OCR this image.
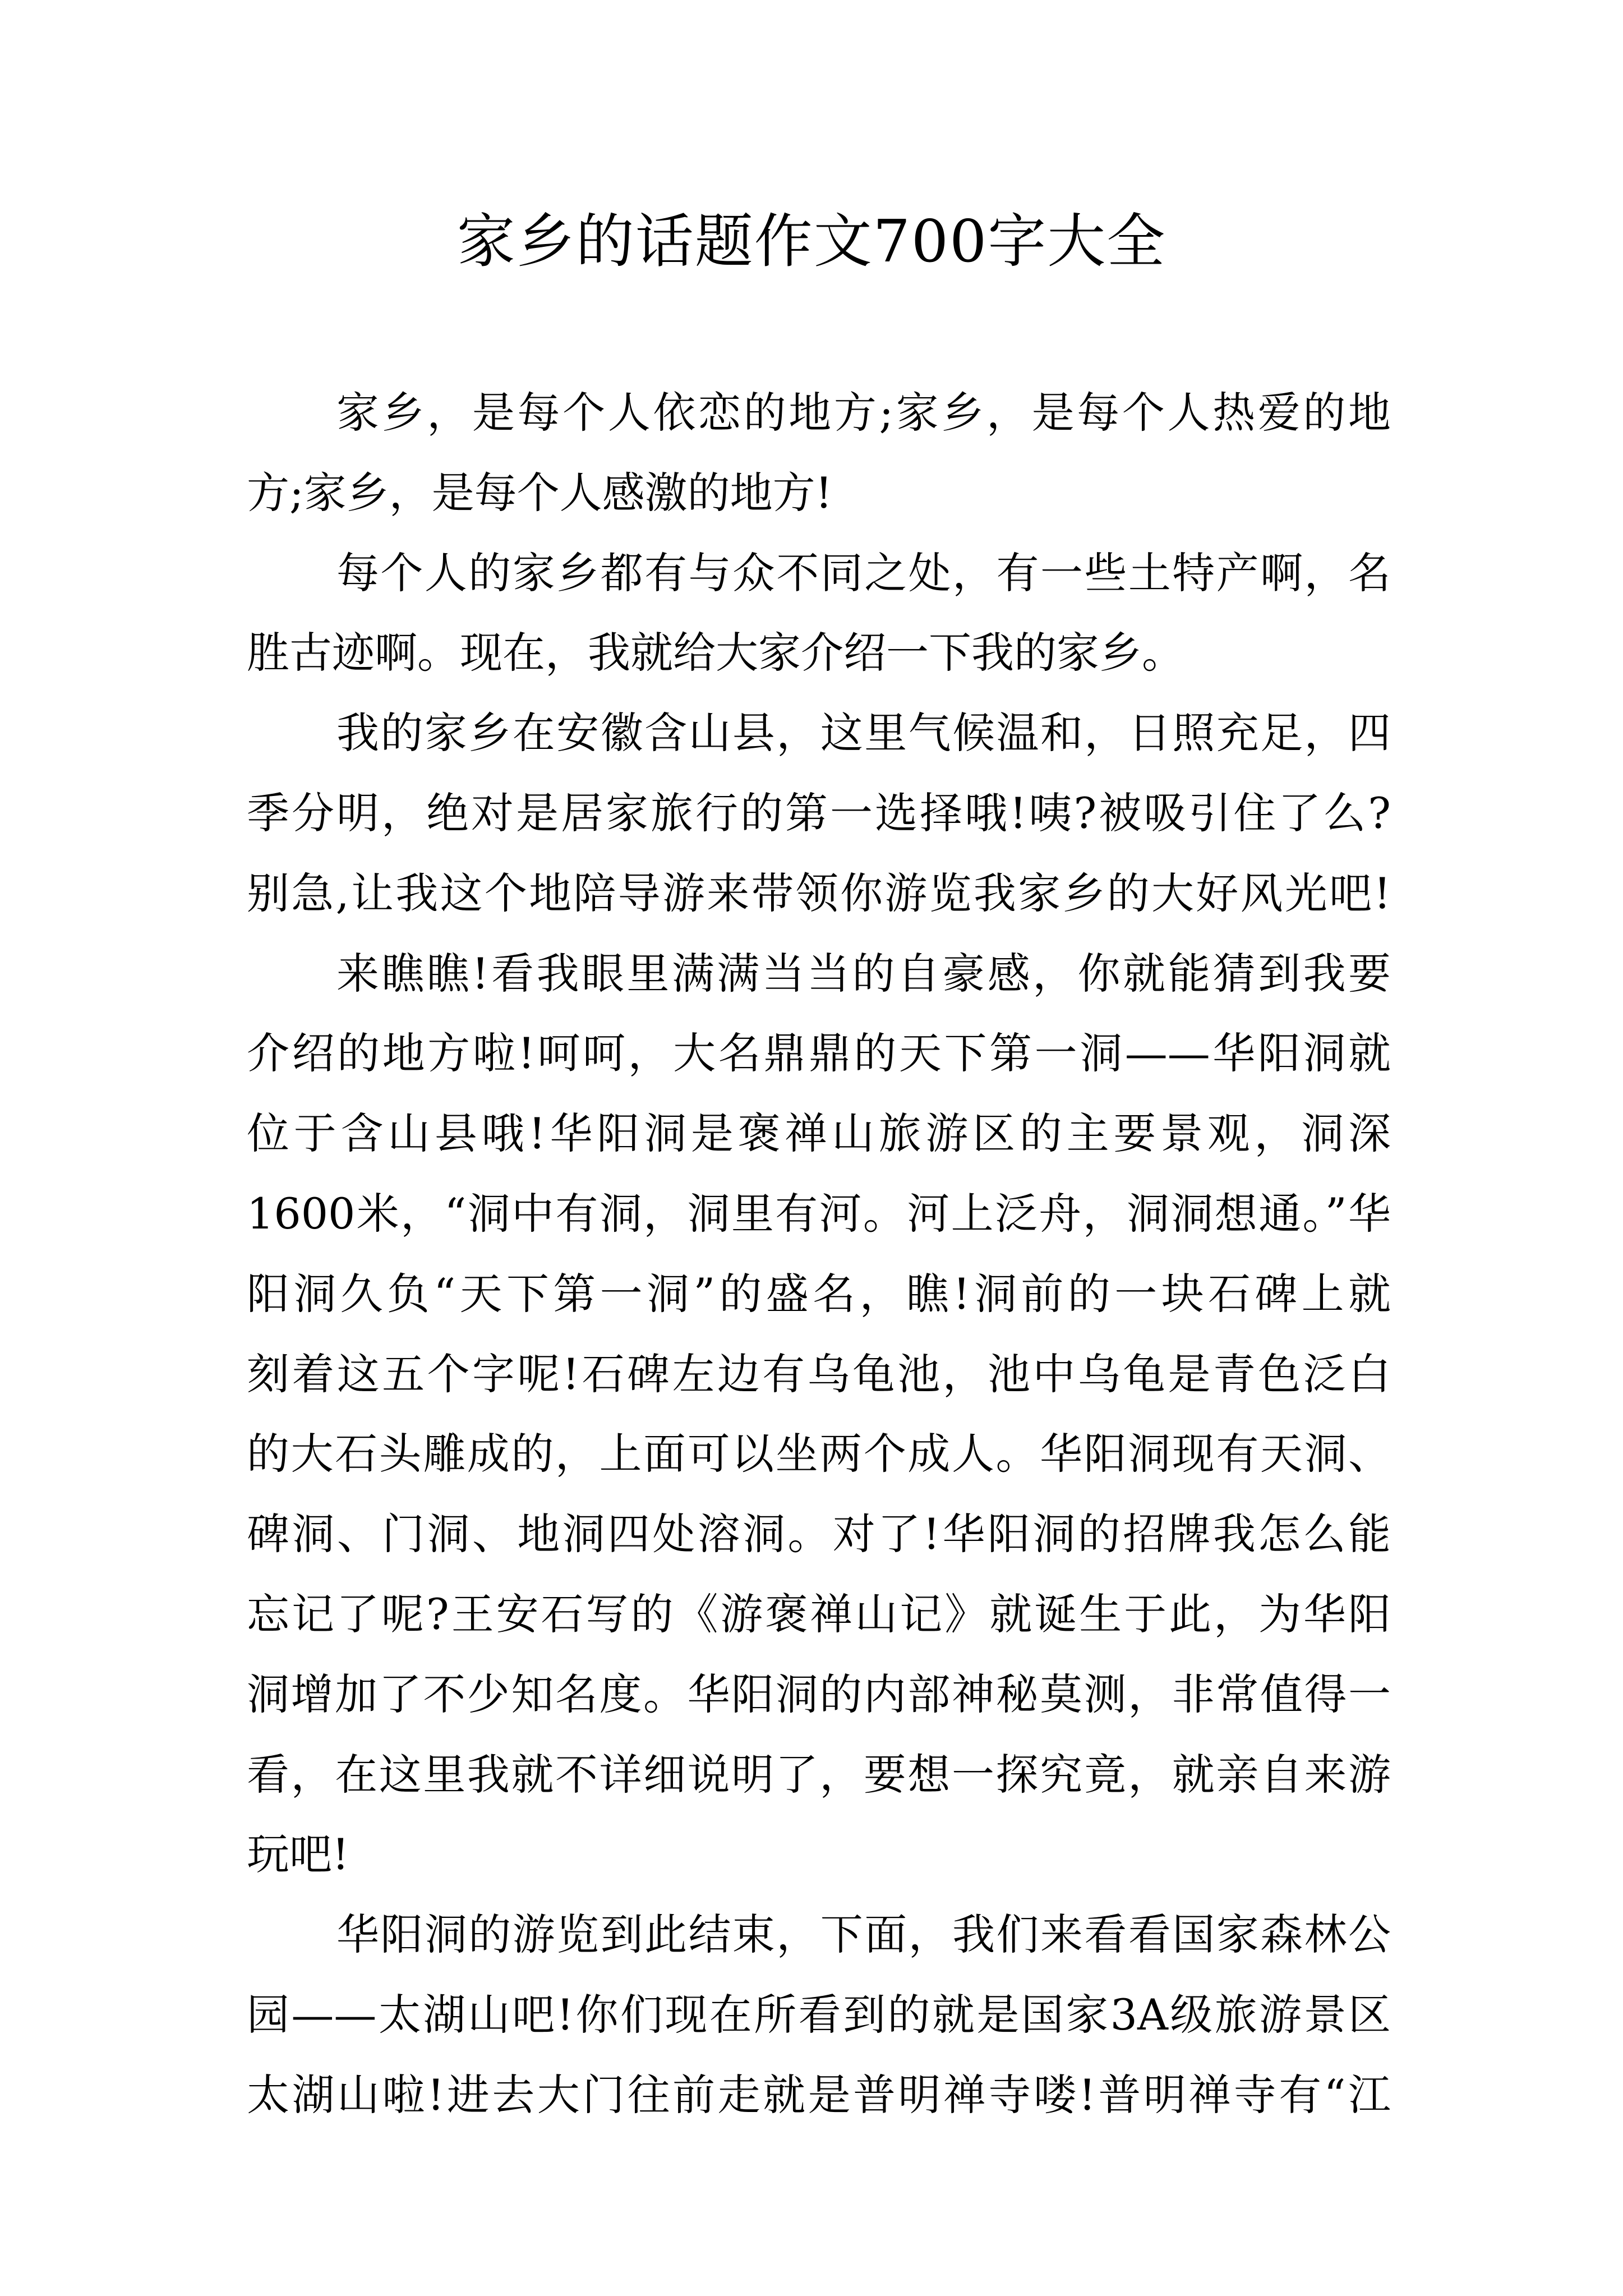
家乡的话题作文700字大全
家乡，是每个人依恋的地方;家乡，是每个人热爱的地
方;家乡，是每个人感激的地方!
每个人的家乡都有与众不同之处，有一些土特产啊，名
胜古迹啊。现在，我就给大家介绍一下我的家乡。
我的家乡在安徽含山县，这里气候温和，日照充足，四
季分明，绝对是居家旅行的第一选择哦!咦?被吸引住了么?
别急,让我这个地陪导游来带领你游览我家乡的大好风光吧!
来瞧瞧!看我眼里满满当当的自豪感，你就能猜到我要
介绍的地方啦!呵呵，大名鼎鼎的天下第一洞——华阳洞就
位于含山县哦!华阳洞是褒禅山旅游区的主要景观，洞深
1600米，“洞中有洞，洞里有河。河上泛舟，洞洞想通。”华
阳洞久负“天下第一洞”的盛名，瞧!洞前的一块石碑上就
刻着这五个字呢!石碑左边有乌龟池，池中乌龟是青色泛白
的大石头雕成的，上面可以坐两个成人。华阳洞现有天洞、
碑洞、门洞、地洞四处溶洞。对了!华阳洞的招牌我怎么能
忘记了呢?王安石写的《游褒禅山记》就诞生于此，为华阳
洞增加了不少知名度。华阳洞的内部神秘莫测，非常值得一
看，在这里我就不详细说明了，要想一探究竟，就亲自来游
玩吧!
华阳洞的游览到此结束，下面，我们来看看国家森林公
园——太湖山吧!你们现在所看到的就是国家3A级旅游景区
太湖山啦!进去大门往前走就是普明禅寺喽!普明禅寺有“江
